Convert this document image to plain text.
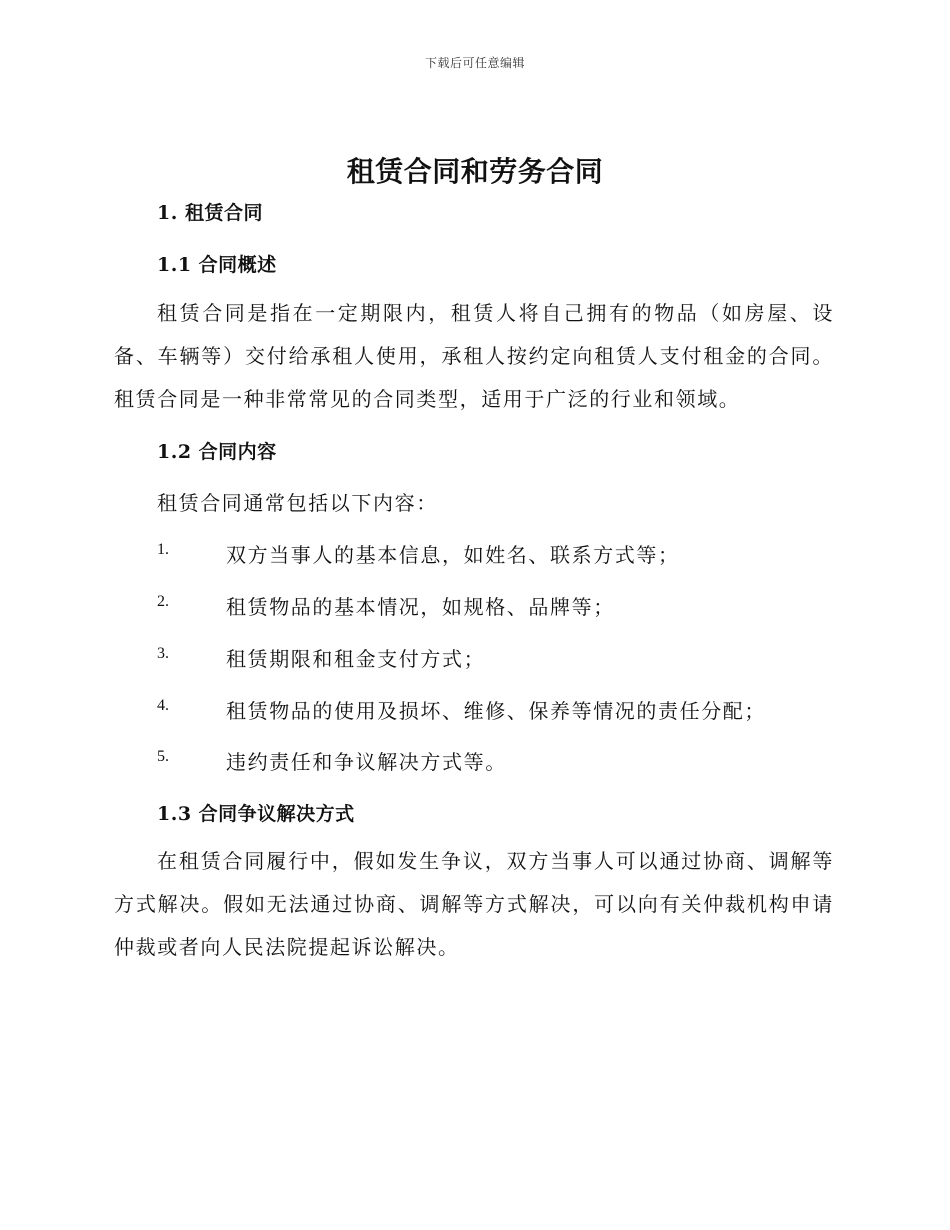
下载后可任意编辑
租赁合同和劳务合同
1. 租赁合同
1.1 合同概述

租赁合同是指在一定期限内，租赁人将自己拥有的物品（如房屋、设备、车辆等）交付给承租人使用，承租人按约定向租赁人支付租金的合同。租赁合同是一种非常常见的合同类型，适用于广泛的行业和领域。

1.2 合同内容
租赁合同通常包括以下内容：
1.	双方当事人的基本信息，如姓名、联系方式等；
2.	租赁物品的基本情况，如规格、品牌等；
3.	租赁期限和租金支付方式；
4.	租赁物品的使用及损坏、维修、保养等情况的责任分配；
5.	违约责任和争议解决方式等。
1.3 合同争议解决方式

在租赁合同履行中，假如发生争议，双方当事人可以通过协商、调解等方式解决。假如无法通过协商、调解等方式解决，可以向有关仲裁机构申请仲裁或者向人民法院提起诉讼解决。
